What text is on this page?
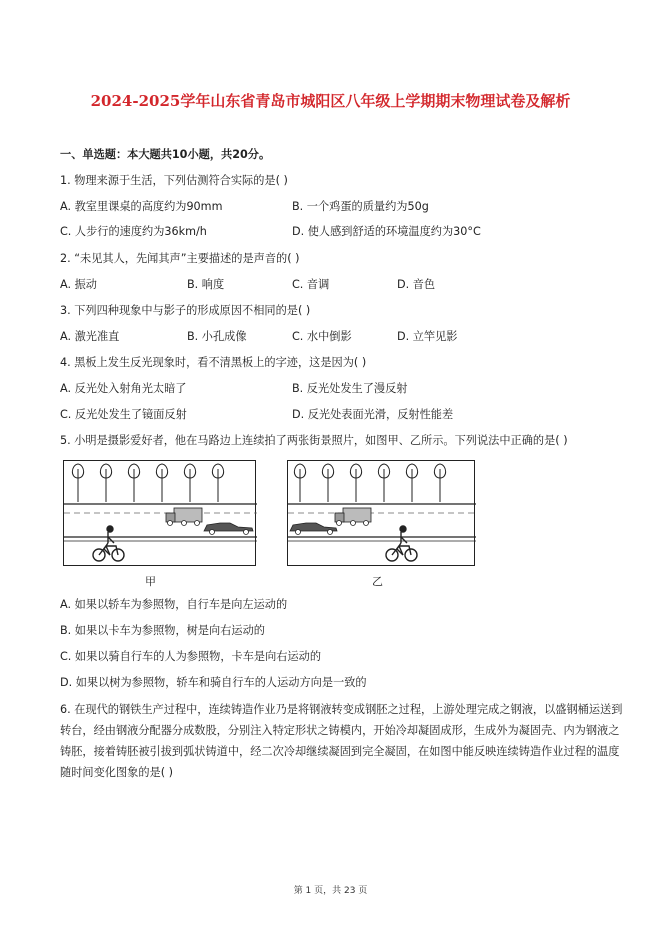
2024-2025学年山东省青岛市城阳区八年级上学期期末物理试卷及解析
一、单选题：本大题共10小题，共20分。
1. 物理来源于生活，下列估测符合实际的是( )
A. 教室里课桌的高度约为90mm	B. 一个鸡蛋的质量约为50g
C. 人步行的速度约为36km/h	D. 使人感到舒适的环境温度约为30°C
2. “未见其人，先闻其声”主要描述的是声音的( )
A. 振动	B. 响度	C. 音调	D. 音色
3. 下列四种现象中与影子的形成原因不相同的是( )
A. 激光准直	B. 小孔成像	C. 水中倒影	D. 立竿见影
4. 黑板上发生反光现象时，看不清黑板上的字迹，这是因为( )
A. 反光处入射角光太暗了	B. 反光处发生了漫反射
C. 反光处发生了镜面反射	D. 反光处表面光滑，反射性能差
5. 小明是摄影爱好者，他在马路边上连续拍了两张街景照片，如图甲、乙所示。下列说法中正确的是( )
甲	乙
A. 如果以轿车为参照物，自行车是向左运动的
B. 如果以卡车为参照物，树是向右运动的
C. 如果以骑自行车的人为参照物，卡车是向右运动的
D. 如果以树为参照物，轿车和骑自行车的人运动方向是一致的
6. 在现代的钢铁生产过程中，连续铸造作业乃是将钢液转变成钢胚之过程，上游处理完成之钢液，以盛钢桶运送到转台，经由钢液分配器分成数股，分别注入特定形状之铸模内，开始冷却凝固成形，生成外为凝固壳、内为钢液之铸胚，接着铸胚被引拔到弧状铸道中，经二次冷却继续凝固到完全凝固，在如图中能反映连续铸造作业过程的温度随时间变化图象的是( )
第 1 页，共 23 页
